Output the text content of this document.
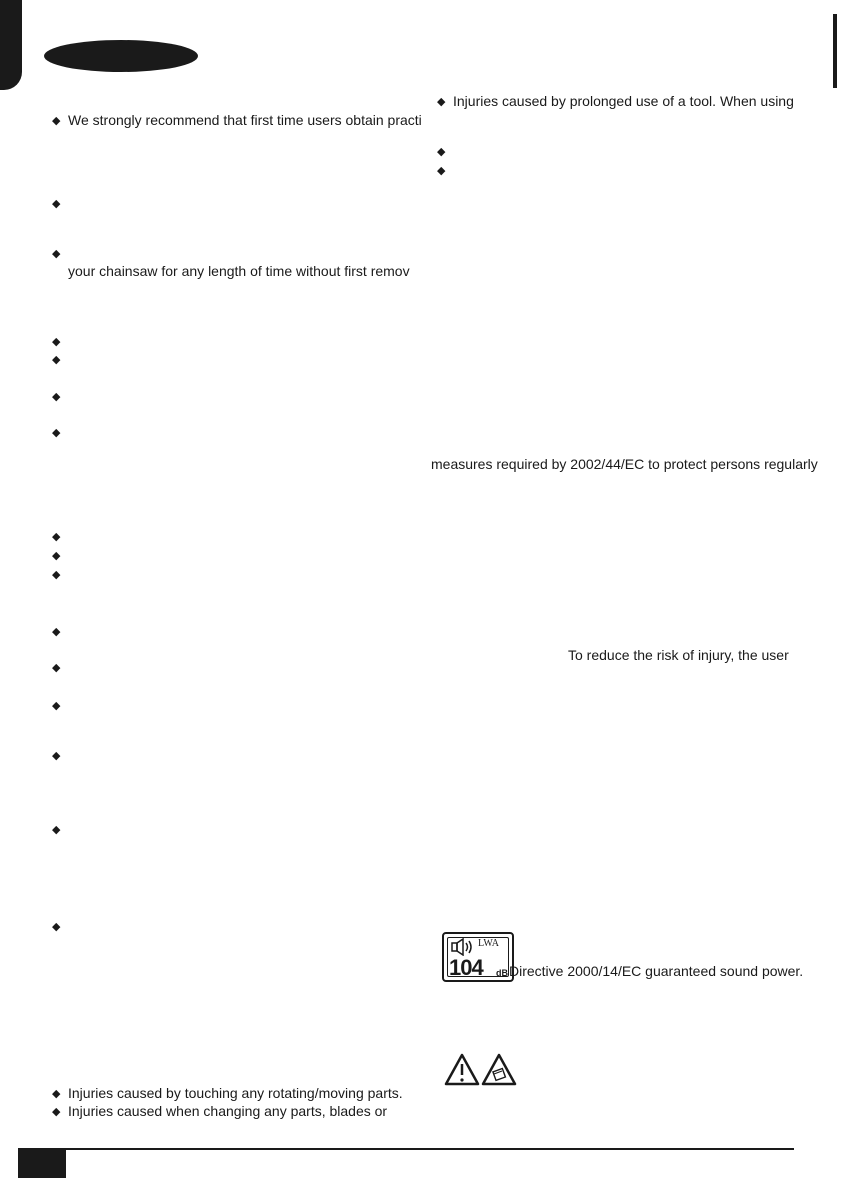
◆ We strongly recommend that first time users obtain practi
◆
◆
your chainsaw for any length of time without first remov
◆
◆
◆
◆
◆
◆
◆
◆
◆
◆
◆
◆
◆
◆ Injuries caused by touching any rotating/moving parts.
◆ Injuries caused when changing any parts, blades or
◆ Injuries caused by prolonged use of a tool. When using
◆
◆
measures required by 2002/44/EC to protect persons regularly
To reduce the risk of injury, the user
LWA
104 dB Directive 2000/14/EC guaranteed sound power.
